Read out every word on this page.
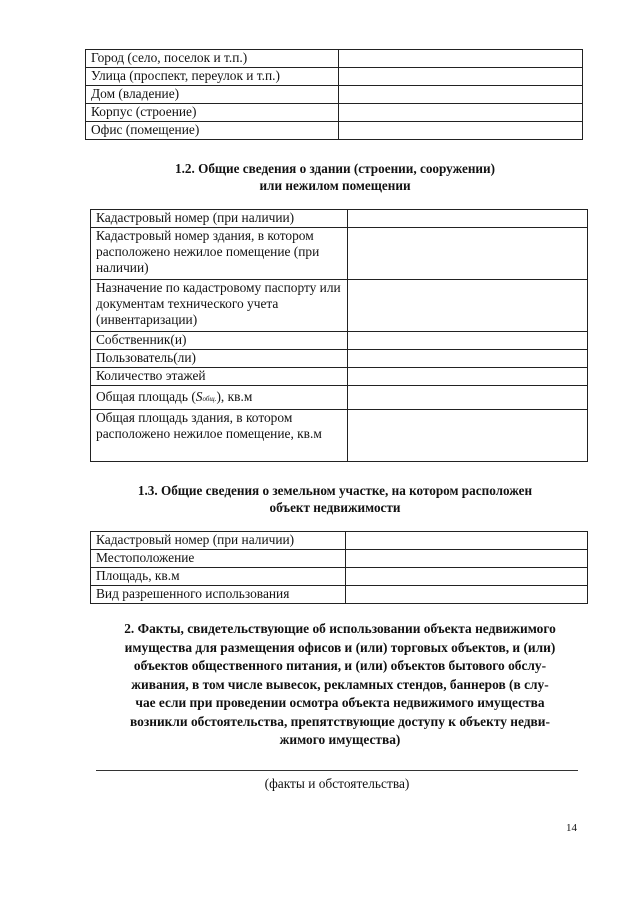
Город (село, поселок и т.п.)	
Улица (проспект, переулок и т.п.)	
Дом (владение)	
Корпус (строение)	
Офис (помещение)	
1.2. Общие сведения о здании (строении, сооружении)
или нежилом помещении
Кадастровый номер (при наличии)	
Кадастровый номер здания, в котором расположено нежилое помещение (при наличии)	
Назначение по кадастровому паспорту или документам технического учета (инвентаризации)	
Собственник(и)	
Пользователь(ли)	
Количество этажей	
Общая площадь (Sобщ.), кв.м	
Общая площадь здания, в котором расположено нежилое помещение, кв.м	
1.3. Общие сведения о земельном участке, на котором расположен
объект недвижимости
Кадастровый номер (при наличии)	
Местоположение	
Площадь, кв.м	
Вид разрешенного использования	
2. Факты, свидетельствующие об использовании объекта недвижимого
имущества для размещения офисов и (или) торговых объектов, и (или)
объектов общественного питания, и (или) объектов бытового обслу-
живания, в том числе вывесок, рекламных стендов, баннеров (в слу-
чае если при проведении осмотра объекта недвижимого имущества
возникли обстоятельства, препятствующие доступу к объекту недви-
жимого имущества)
(факты и обстоятельства)
14
